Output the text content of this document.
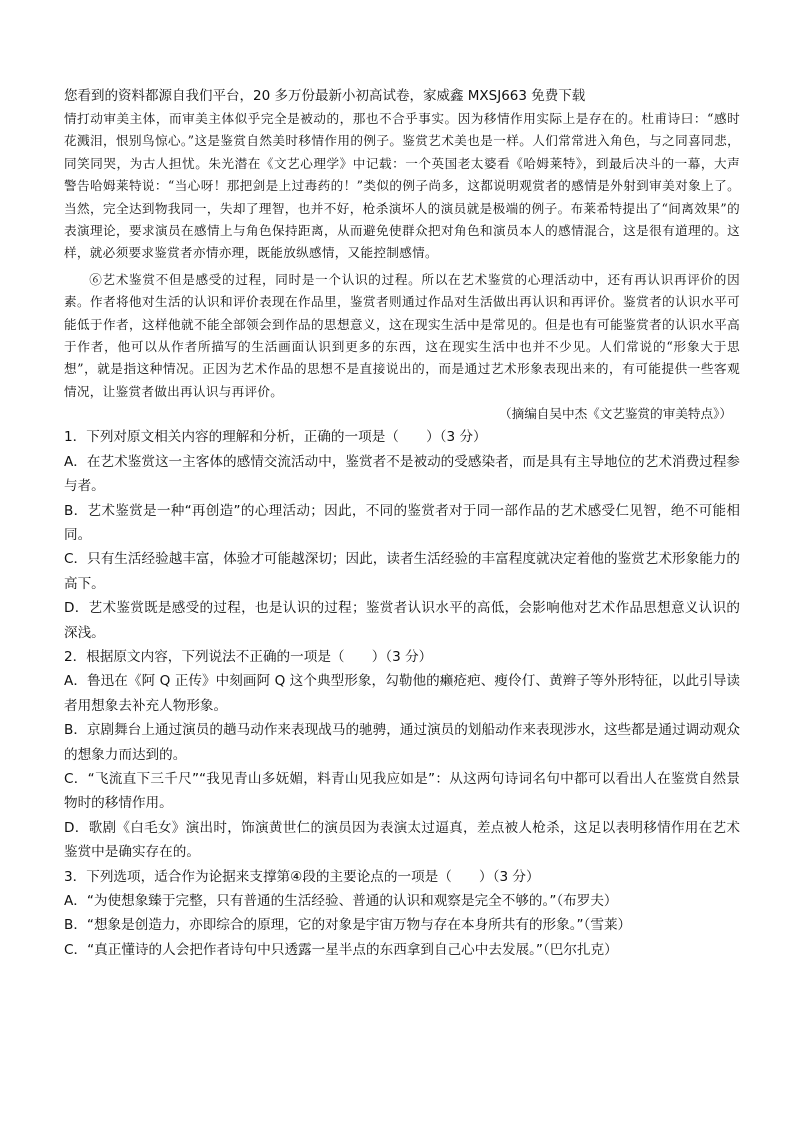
您看到的资料都源自我们平台，20 多万份最新小初高试卷，家威鑫 MXSJ663 免费下载

情打动审美主体，而审美主体似乎完全是被动的，那也不合乎事实。因为移情作用实际上是存在的。杜甫诗曰：“感时花溅泪，恨别鸟惊心。”这是鉴赏自然美时移情作用的例子。鉴赏艺术美也是一样。人们常常进入角色，与之同喜同悲，同笑同哭，为古人担忧。朱光潜在《文艺心理学》中记载：一个英国老太婆看《哈姆莱特》，到最后决斗的一幕，大声警告哈姆莱特说：“当心呀！那把剑是上过毒药的！”类似的例子尚多，这都说明观赏者的感情是外射到审美对象上了。当然，完全达到物我同一，失却了理智，也并不好，枪杀演坏人的演员就是极端的例子。布莱希特提出了“间离效果”的表演理论，要求演员在感情上与角色保持距离，从而避免使群众把对角色和演员本人的感情混合，这是很有道理的。这样，就必须要求鉴赏者亦情亦理，既能放纵感情，又能控制感情。

⑥艺术鉴赏不但是感受的过程，同时是一个认识的过程。所以在艺术鉴赏的心理活动中，还有再认识再评价的因素。作者将他对生活的认识和评价表现在作品里，鉴赏者则通过作品对生活做出再认识和再评价。鉴赏者的认识水平可能低于作者，这样他就不能全部领会到作品的思想意义，这在现实生活中是常见的。但是也有可能鉴赏者的认识水平高于作者，他可以从作者所描写的生活画面认识到更多的东西，这在现实生活中也并不少见。人们常说的“形象大于思想”，就是指这种情况。正因为艺术作品的思想不是直接说出的，而是通过艺术形象表现出来的，有可能提供一些客观情况，让鉴赏者做出再认识与再评价。

（摘编自吴中杰《文艺鉴赏的审美特点》）

1．下列对原文相关内容的理解和分析，正确的一项是（　　）（3 分）

A．在艺术鉴赏这一主客体的感情交流活动中，鉴赏者不是被动的受感染者，而是具有主导地位的艺术消费过程参与者。

B．艺术鉴赏是一种“再创造”的心理活动；因此，不同的鉴赏者对于同一部作品的艺术感受仁见智，绝不可能相同。

C．只有生活经验越丰富，体验才可能越深切；因此，读者生活经验的丰富程度就决定着他的鉴赏艺术形象能力的高下。

D．艺术鉴赏既是感受的过程，也是认识的过程；鉴赏者认识水平的高低，会影响他对艺术作品思想意义认识的深浅。

2．根据原文内容，下列说法不正确的一项是（　　）（3 分）

A．鲁迅在《阿 Q 正传》中刻画阿 Q 这个典型形象，勾勒他的癞疮疤、瘦伶仃、黄辫子等外形特征，以此引导读者用想象去补充人物形象。

B．京剧舞台上通过演员的趟马动作来表现战马的驰骋，通过演员的划船动作来表现涉水，这些都是通过调动观众的想象力而达到的。

C．“飞流直下三千尺”“我见青山多妩媚，料青山见我应如是”：从这两句诗词名句中都可以看出人在鉴赏自然景物时的移情作用。

D．歌剧《白毛女》演出时，饰演黄世仁的演员因为表演太过逼真，差点被人枪杀，这足以表明移情作用在艺术鉴赏中是确实存在的。

3．下列选项，适合作为论据来支撑第④段的主要论点的一项是（　　）（3 分）

A．“为使想象臻于完整，只有普通的生活经验、普通的认识和观察是完全不够的。”（布罗夫）

B．“想象是创造力，亦即综合的原理，它的对象是宇宙万物与存在本身所共有的形象。”（雪莱）

C．“真正懂诗的人会把作者诗句中只透露一星半点的东西拿到自己心中去发展。”（巴尔扎克）
